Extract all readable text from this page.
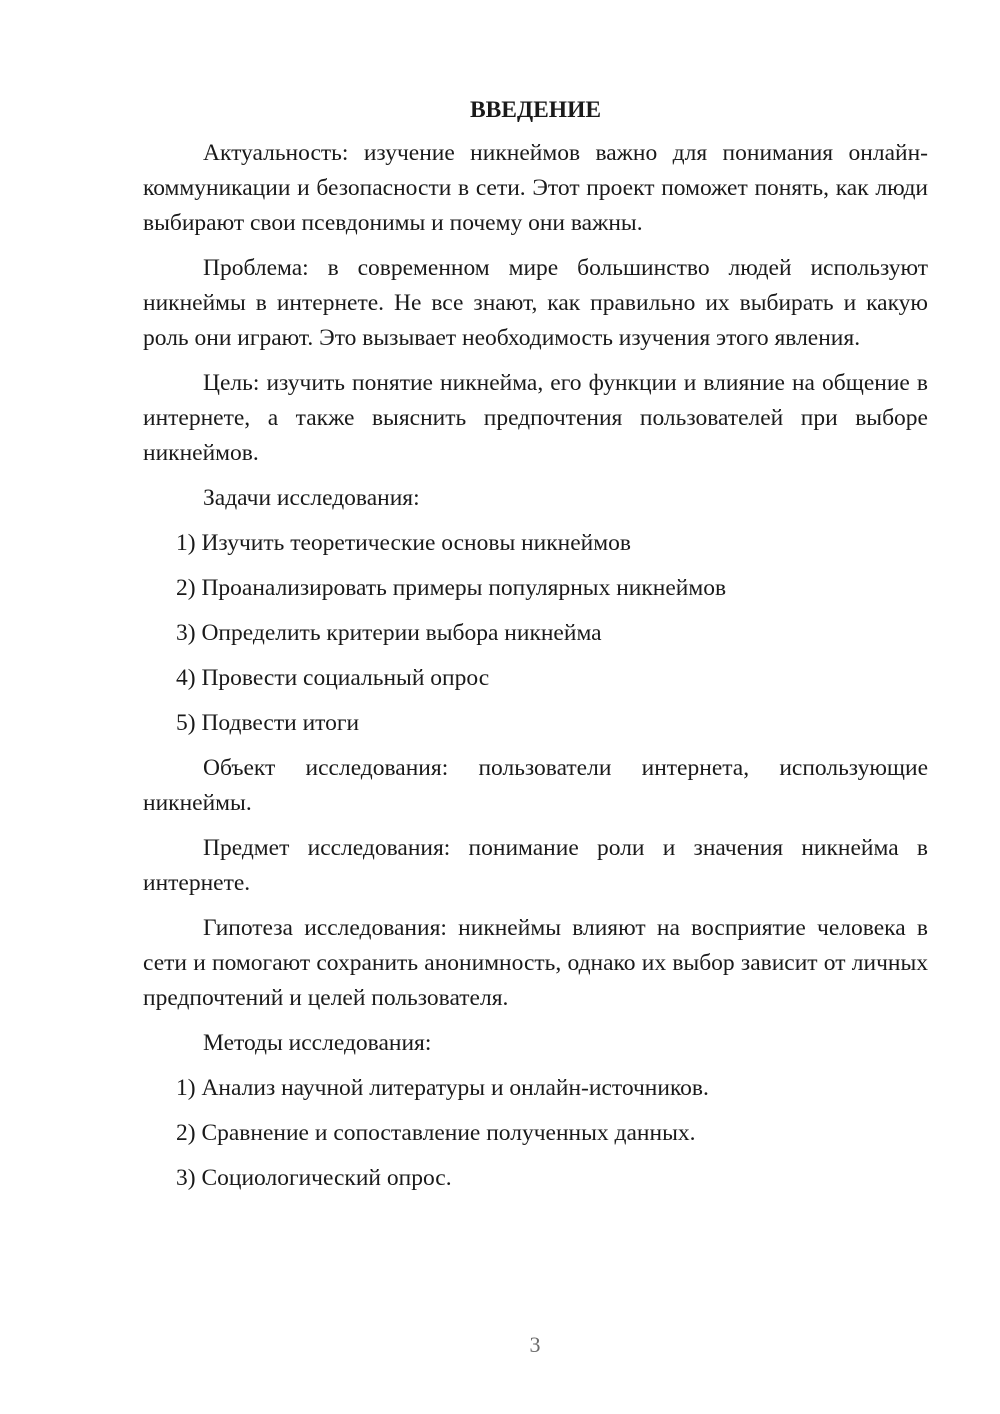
ВВЕДЕНИЕ

Актуальность: изучение никнеймов важно для понимания онлайн-коммуникации и безопасности в сети. Этот проект поможет понять, как люди выбирают свои псевдонимы и почему они важны.

Проблема: в современном мире большинство людей используют никнеймы в интернете. Не все знают, как правильно их выбирать и какую роль они играют. Это вызывает необходимость изучения этого явления.

Цель: изучить понятие никнейма, его функции и влияние на общение в интернете, а также выяснить предпочтения пользователей при выборе никнеймов.

Задачи исследования:

1) Изучить теоретические основы никнеймов

2) Проанализировать примеры популярных никнеймов

3) Определить критерии выбора никнейма

4) Провести социальный опрос

5) Подвести итоги

Объект исследования: пользователи интернета, использующие никнеймы.

Предмет исследования: понимание роли и значения никнейма в интернете.

Гипотеза исследования: никнеймы влияют на восприятие человека в сети и помогают сохранить анонимность, однако их выбор зависит от личных предпочтений и целей пользователя.

Методы исследования:

1) Анализ научной литературы и онлайн-источников.

2) Сравнение и сопоставление полученных данных.

3) Социологический опрос.

3
